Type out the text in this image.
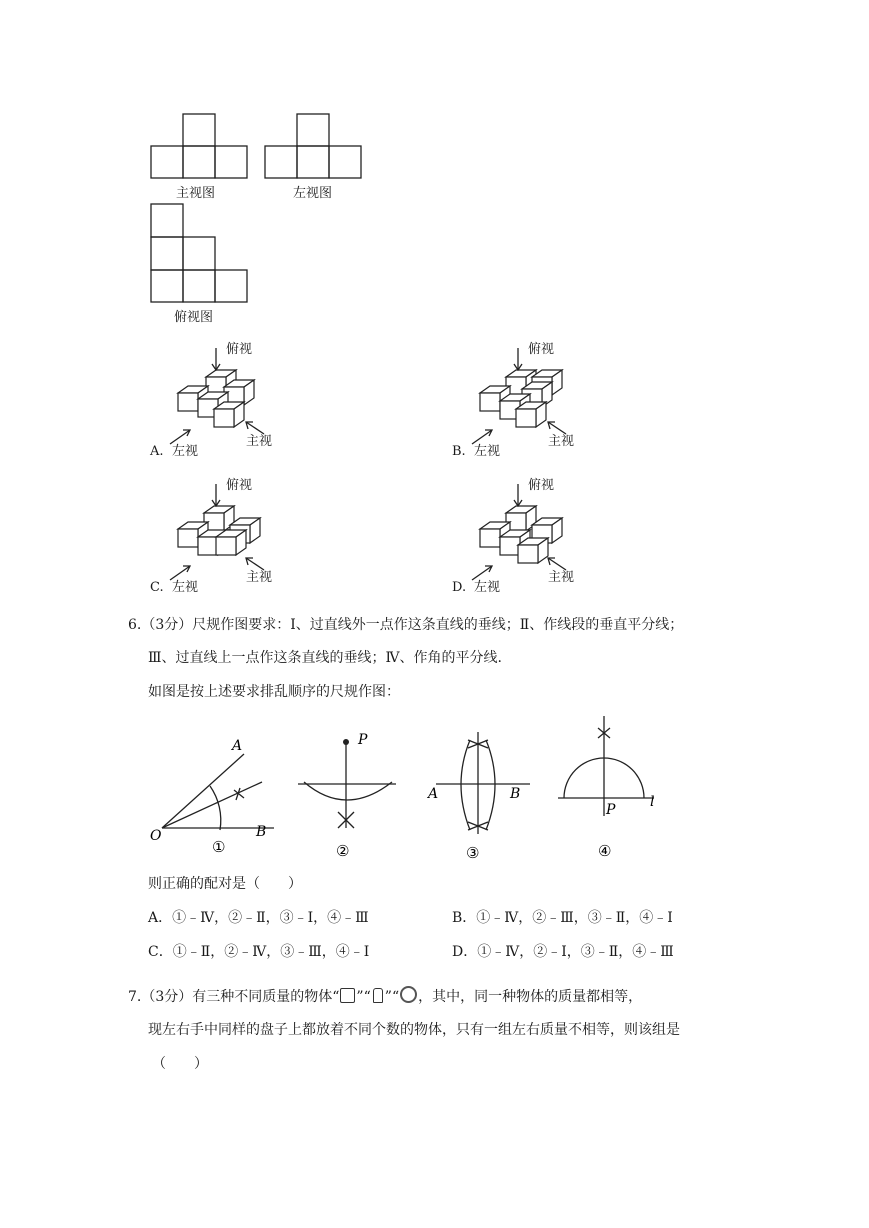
主视图	左视图
俯视图
俯视
左视
主视
A.
俯视
左视
主视
B.
俯视
左视
主视
C.
俯视
左视
主视
D.
6.（3分）尺规作图要求：Ⅰ、过直线外一点作这条直线的垂线；Ⅱ、作线段的垂直平分线；
Ⅲ、过直线上一点作这条直线的垂线；Ⅳ、作角的平分线.
如图是按上述要求排乱顺序的尺规作图：
A
B
O
①
P
②
A	B
③
P l
④
则正确的配对是（　　）
A．①﹣Ⅳ，②﹣Ⅱ，③﹣Ⅰ，④﹣Ⅲ	B．①﹣Ⅳ，②﹣Ⅲ，③﹣Ⅱ，④﹣Ⅰ
C．①﹣Ⅱ，②﹣Ⅳ，③﹣Ⅲ，④﹣Ⅰ	D．①﹣Ⅳ，②﹣Ⅰ，③﹣Ⅱ，④﹣Ⅲ
7.（3分）有三种不同质量的物体“ ”“ ”“ ，其中，同一种物体的质量都相等，
现左右手中同样的盘子上都放着不同个数的物体，只有一组左右质量不相等，则该组是
（　　）
